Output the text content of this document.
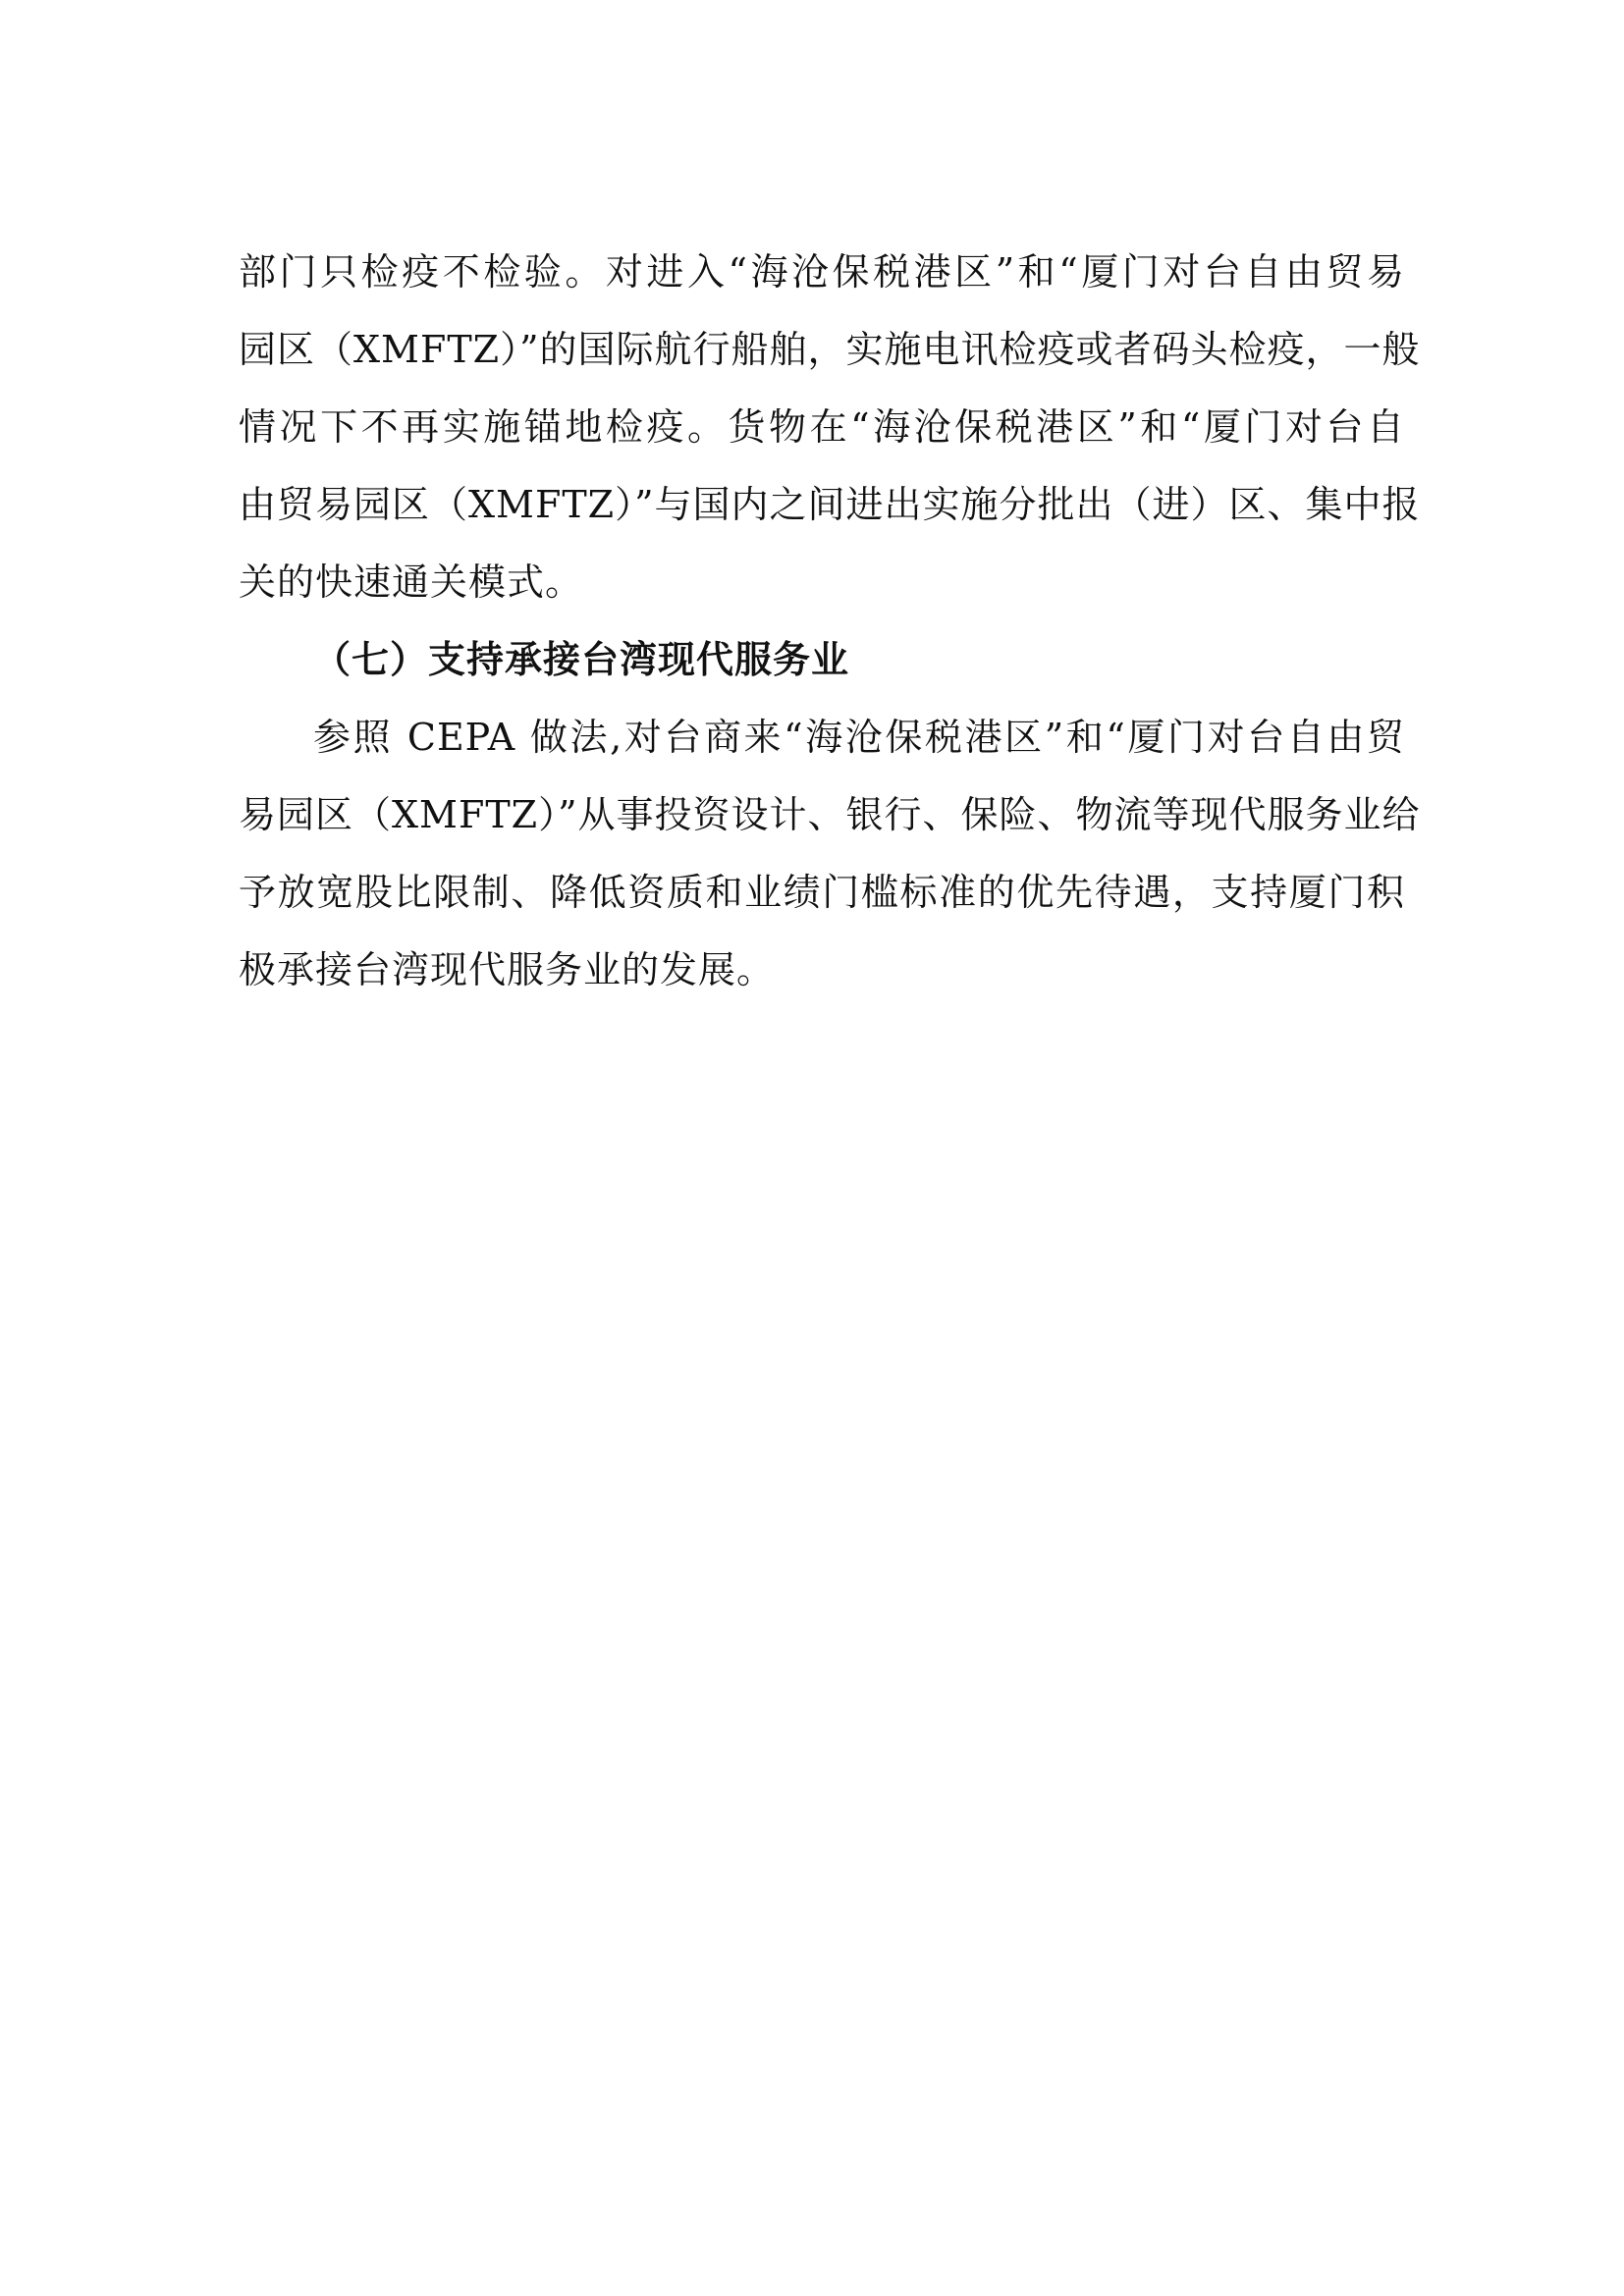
部门只检疫不检验。对进入“海沧保税港区”和“厦门对台自由贸易
园区（XMFTZ）”的国际航行船舶，实施电讯检疫或者码头检疫，一般
情况下不再实施锚地检疫。货物在“海沧保税港区”和“厦门对台自
由贸易园区（XMFTZ）”与国内之间进出实施分批出（进）区、集中报
关的快速通关模式。
（七）支持承接台湾现代服务业
参照 CEPA 做法,对台商来“海沧保税港区”和“厦门对台自由贸
易园区（XMFTZ）”从事投资设计、银行、保险、物流等现代服务业给
予放宽股比限制、降低资质和业绩门槛标准的优先待遇，支持厦门积
极承接台湾现代服务业的发展。
